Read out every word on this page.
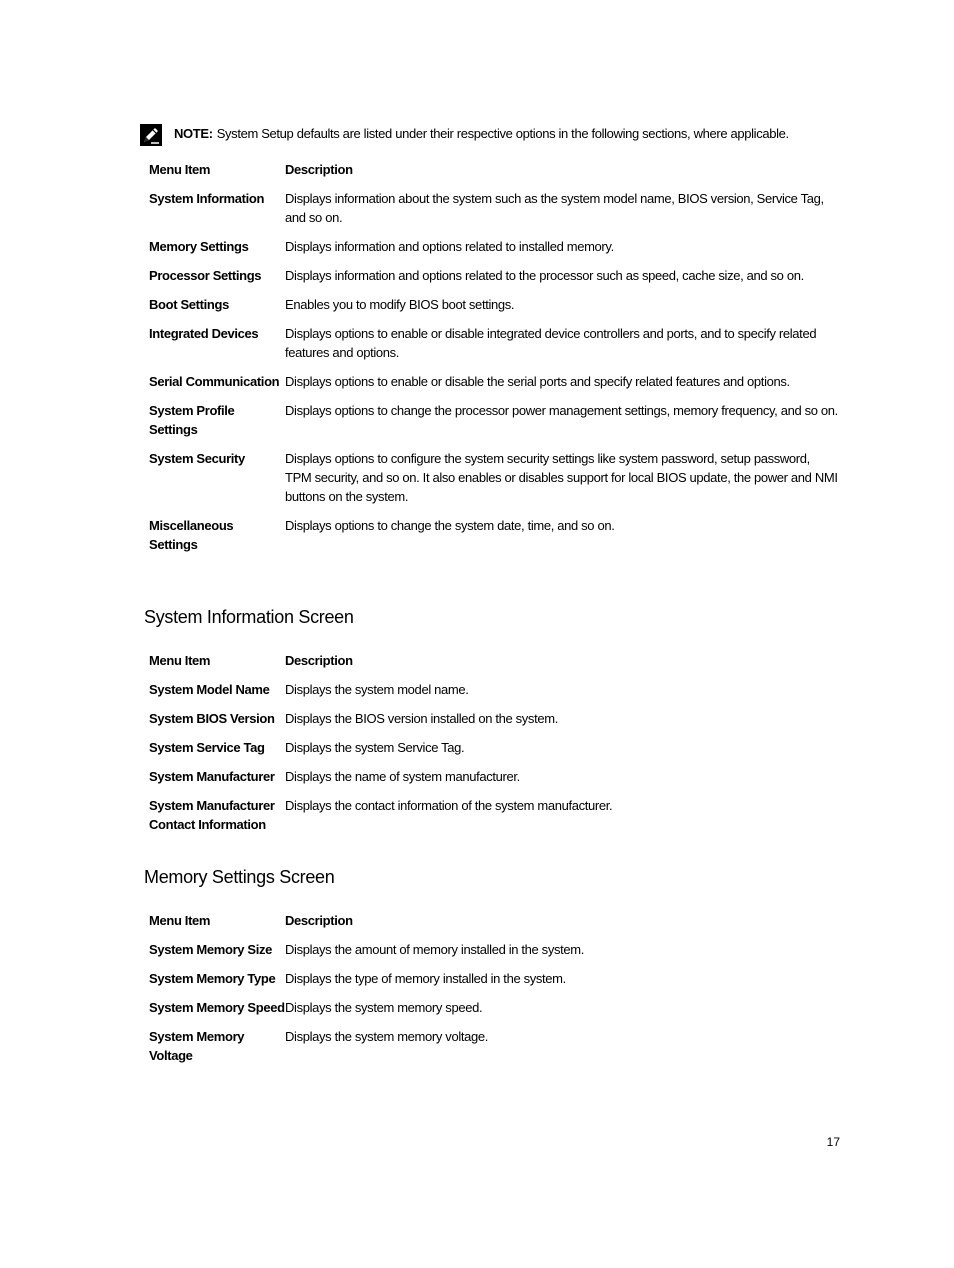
NOTE: System Setup defaults are listed under their respective options in the following sections, where applicable.
Menu Item	Description
System Information	Displays information about the system such as the system model name, BIOS version, Service Tag, and so on.
Memory Settings	Displays information and options related to installed memory.
Processor Settings	Displays information and options related to the processor such as speed, cache size, and so on.
Boot Settings	Enables you to modify BIOS boot settings.
Integrated Devices	Displays options to enable or disable integrated device controllers and ports, and to specify related features and options.
Serial Communication	Displays options to enable or disable the serial ports and specify related features and options.
System Profile Settings	Displays options to change the processor power management settings, memory frequency, and so on.
System Security	Displays options to configure the system security settings like system password, setup password, TPM security, and so on. It also enables or disables support for local BIOS update, the power and NMI buttons on the system.
Miscellaneous Settings	Displays options to change the system date, time, and so on.
System Information Screen
Menu Item	Description
System Model Name	Displays the system model name.
System BIOS Version	Displays the BIOS version installed on the system.
System Service Tag	Displays the system Service Tag.
System Manufacturer	Displays the name of system manufacturer.
System Manufacturer Contact Information	Displays the contact information of the system manufacturer.
Memory Settings Screen
Menu Item	Description
System Memory Size	Displays the amount of memory installed in the system.
System Memory Type	Displays the type of memory installed in the system.
System Memory Speed	Displays the system memory speed.
System Memory Voltage	Displays the system memory voltage.
17
